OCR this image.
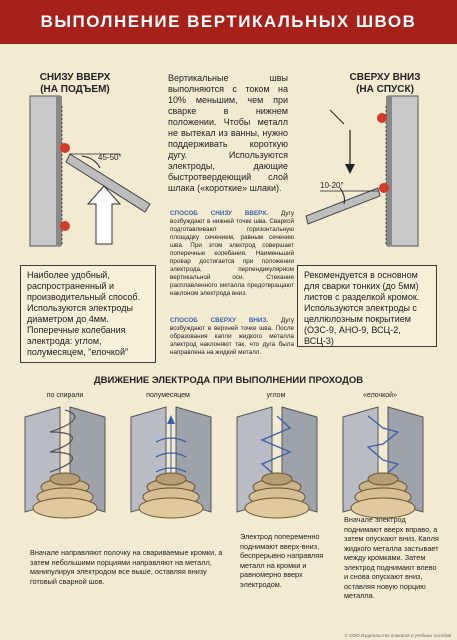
ВЫПОЛНЕНИЕ ВЕРТИКАЛЬНЫХ ШВОВ
СНИЗУ ВВЕРХ
(НА ПОДЪЕМ)
45-50°
Наиболее удобный, распространенный и производительный способ. Используются электроды диаметром до 4мм. Поперечные колебания электрода: углом, полумесяцем, "елочкой"
Вертикальные швы выполняются с током на 10% меньшим, чем при сварке в нижнем положении. Чтобы металл не вытекал из ванны, нужно поддерживать короткую дугу. Используются электроды, дающие быстротвердеющий слой шлака («короткие» шлаки).
СПОСОБ СНИЗУ ВВЕРХ. Дугу возбуждают в нижней точке шва. Сваркой подготавливают горизонтальную площадку сечением, равным сечению шва. При этом электрод совершает поперечные колебания. Наименьший провар достигается при положении электрода, перпендикулярном вертикальной оси. Стекание расплавленного металла предотвращают наклоном электрода вниз.
СПОСОБ СВЕРХУ ВНИЗ. Дугу возбуждают в верхней точке шва. После образования капли жидкого металла электрод наклоняют так, что дуга была направлена на жидкий металл.
СВЕРХУ ВНИЗ
(НА СПУСК)
10-20°
Рекомендуется в основном для сварки тонких (до 5мм) листов с разделкой кромок. Используются электроды с целлюлозным покрытием (ОЗС-9, АНО-9, ВСЦ-2, ВСЦ-3)
ДВИЖЕНИЕ ЭЛЕКТРОДА ПРИ ВЫПОЛНЕНИИ ПРОХОДОВ
по спирали	полумесяцем	углом	«елочкой»
Вначале направляют полочку на свариваемые кромки, а затем небольшими порциями направляют на металл, манипулируя электродом все выше, оставляя внизу готовый сварной шов.
Электрод попеременно поднимают вверх-вниз, беспрерывно направляя металл на кромки и равномерно вверх электродом.
Вначале электрод поднимают вверх вправо, а затем опускают вниз. Капля жидкого металла застывает между кромками. Затем электрод поднимают влево и снова опускают вниз, оставляя новую порцию металла.
© ООО Издательство плакатов и учебных пособий
